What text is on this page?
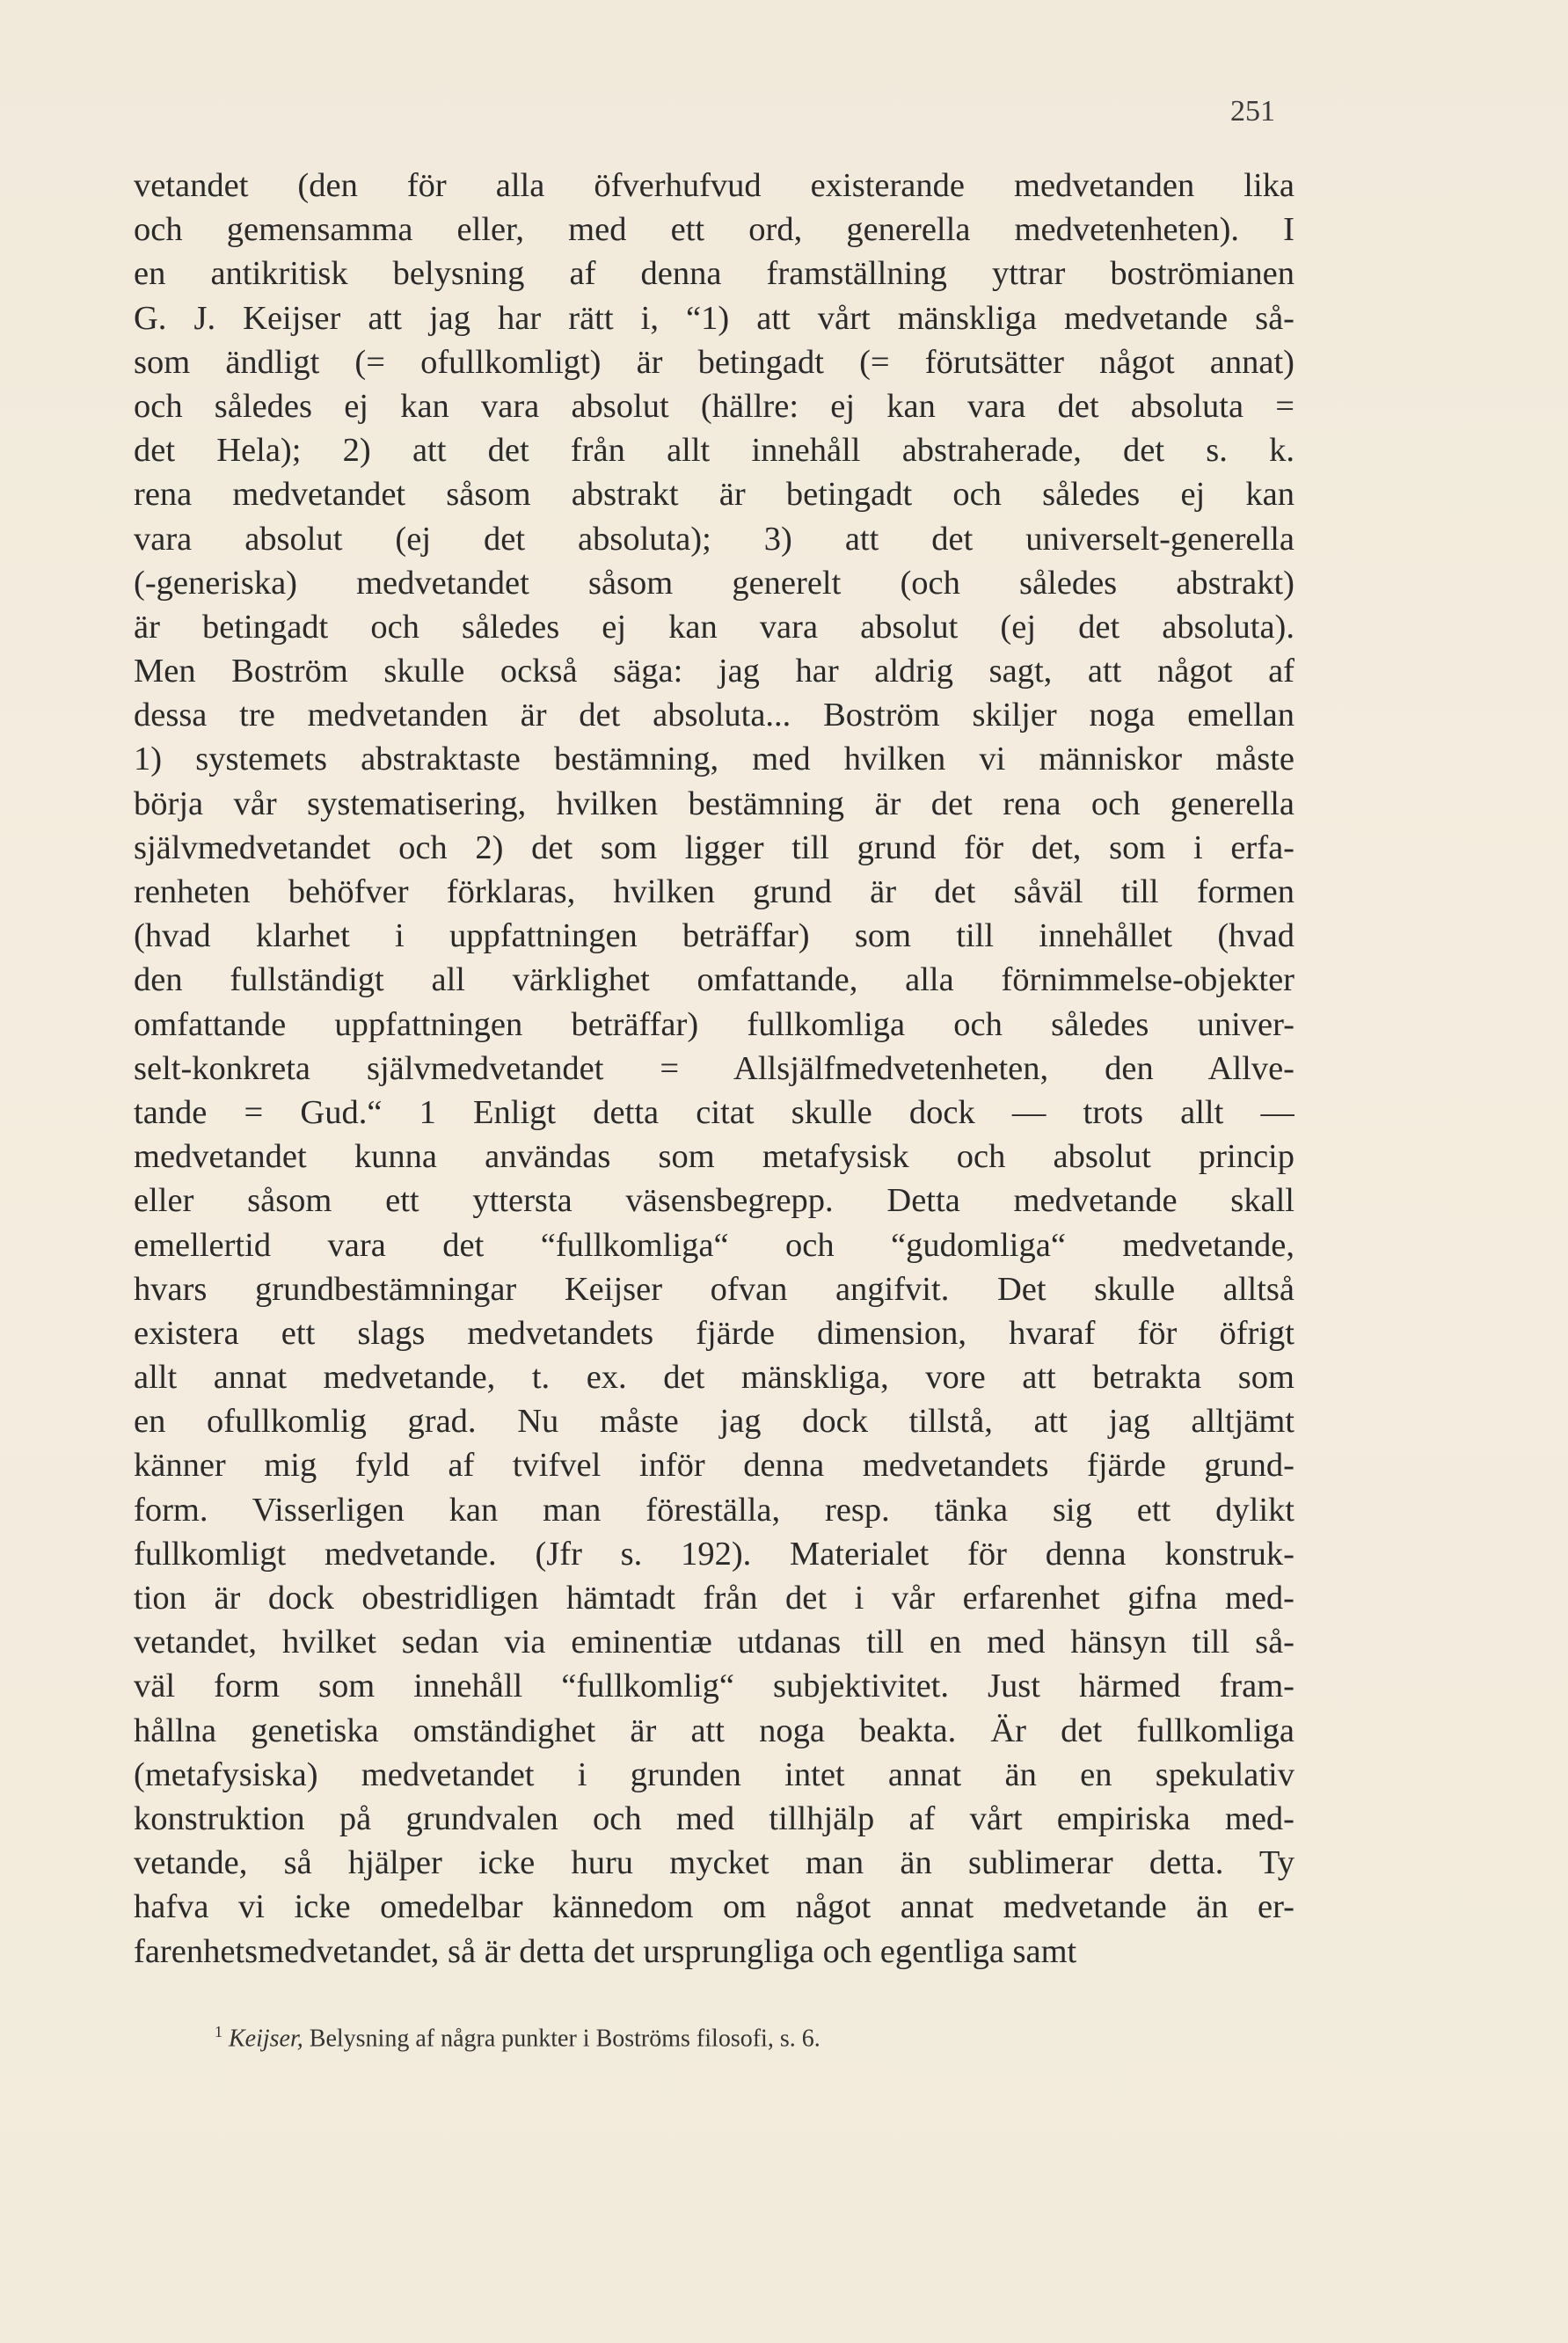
251
vetandet (den för alla öfverhufvud existerande medvetanden lika
och gemensamma eller, med ett ord, generella medvetenheten). I
en antikritisk belysning af denna framställning yttrar boströmianen
G. J. Keijser att jag har rätt i, “1) att vårt mänskliga medvetande så-
som ändligt (= ofullkomligt) är betingadt (= förutsätter något annat)
och således ej kan vara absolut (hällre: ej kan vara det absoluta =
det Hela); 2) att det från allt innehåll abstraherade, det s. k.
rena medvetandet såsom abstrakt är betingadt och således ej kan
vara absolut (ej det absoluta); 3) att det universelt-generella
(-generiska) medvetandet såsom generelt (och således abstrakt)
är betingadt och således ej kan vara absolut (ej det absoluta).
Men Boström skulle också säga: jag har aldrig sagt, att något af
dessa tre medvetanden är det absoluta... Boström skiljer noga emellan
1) systemets abstraktaste bestämning, med hvilken vi människor måste
börja vår systematisering, hvilken bestämning är det rena och generella
självmedvetandet och 2) det som ligger till grund för det, som i erfa-
renheten behöfver förklaras, hvilken grund är det såväl till formen
(hvad klarhet i uppfattningen beträffar) som till innehållet (hvad
den fullständigt all värklighet omfattande, alla förnimmelse-objekter
omfattande uppfattningen beträffar) fullkomliga och således univer-
selt-konkreta självmedvetandet = Allsjälfmedvetenheten, den Allve-
tande = Gud.“ 1 Enligt detta citat skulle dock — trots allt —
medvetandet kunna användas som metafysisk och absolut princip
eller såsom ett yttersta väsensbegrepp. Detta medvetande skall
emellertid vara det “fullkomliga“ och “gudomliga“ medvetande,
hvars grundbestämningar Keijser ofvan angifvit. Det skulle alltså
existera ett slags medvetandets fjärde dimension, hvaraf för öfrigt
allt annat medvetande, t. ex. det mänskliga, vore att betrakta som
en ofullkomlig grad. Nu måste jag dock tillstå, att jag alltjämt
känner mig fyld af tvifvel inför denna medvetandets fjärde grund-
form. Visserligen kan man föreställa, resp. tänka sig ett dylikt
fullkomligt medvetande. (Jfr s. 192). Materialet för denna konstruk-
tion är dock obestridligen hämtadt från det i vår erfarenhet gifna med-
vetandet, hvilket sedan via eminentiæ utdanas till en med hänsyn till så-
väl form som innehåll “fullkomlig“ subjektivitet. Just härmed fram-
hållna genetiska omständighet är att noga beakta. Är det fullkomliga
(metafysiska) medvetandet i grunden intet annat än en spekulativ
konstruktion på grundvalen och med tillhjälp af vårt empiriska med-
vetande, så hjälper icke huru mycket man än sublimerar detta. Ty
hafva vi icke omedelbar kännedom om något annat medvetande än er-
farenhetsmedvetandet, så är detta det ursprungliga och egentliga samt
$^1$ Keijser, Belysning af några punkter i Boströms filosofi, s. 6.
